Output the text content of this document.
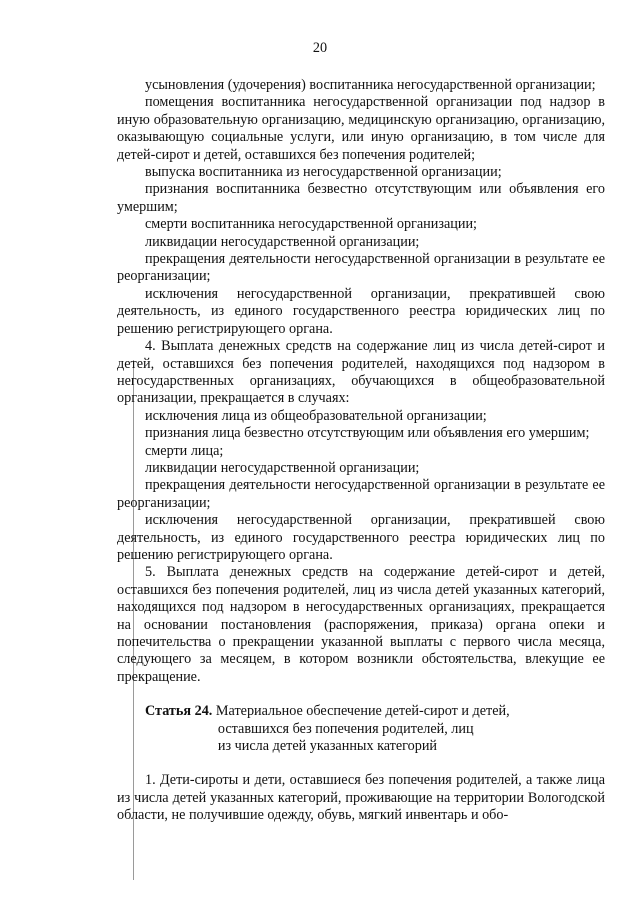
20

усыновления (удочерения) воспитанника негосударственной организации;

помещения воспитанника негосударственной организации под надзор в иную образовательную организацию, медицинскую организацию, организацию, оказывающую социальные услуги, или иную организацию, в том числе для детей-сирот и детей, оставшихся без попечения родителей;

выпуска воспитанника из негосударственной организации;

признания воспитанника безвестно отсутствующим или объявления его умершим;

смерти воспитанника негосударственной организации;

ликвидации негосударственной организации;

прекращения деятельности негосударственной организации в результате ее реорганизации;

исключения негосударственной организации, прекратившей свою деятельность, из единого государственного реестра юридических лиц по решению регистрирующего органа.

4. Выплата денежных средств на содержание лиц из числа детей-сирот и детей, оставшихся без попечения родителей, находящихся под надзором в негосударственных организациях, обучающихся в общеобразовательной организации, прекращается в случаях:

исключения лица из общеобразовательной организации;

признания лица безвестно отсутствующим или объявления его умершим;

смерти лица;

ликвидации негосударственной организации;

прекращения деятельности негосударственной организации в результате ее реорганизации;

исключения негосударственной организации, прекратившей свою деятельность, из единого государственного реестра юридических лиц по решению регистрирующего органа.

5. Выплата денежных средств на содержание детей-сирот и детей, оставшихся без попечения родителей, лиц из числа детей указанных категорий, находящихся под надзором в негосударственных организациях, прекращается на основании постановления (распоряжения, приказа) органа опеки и попечительства о прекращении указанной выплаты с первого числа месяца, следующего за месяцем, в котором возникли обстоятельства, влекущие ее прекращение.

Статья 24. Материальное обеспечение детей-сирот и детей,
оставшихся без попечения родителей, лиц
из числа детей указанных категорий

1. Дети-сироты и дети, оставшиеся без попечения родителей, а также лица из числа детей указанных категорий, проживающие на территории Вологодской области, не получившие одежду, обувь, мягкий инвентарь и обо-
